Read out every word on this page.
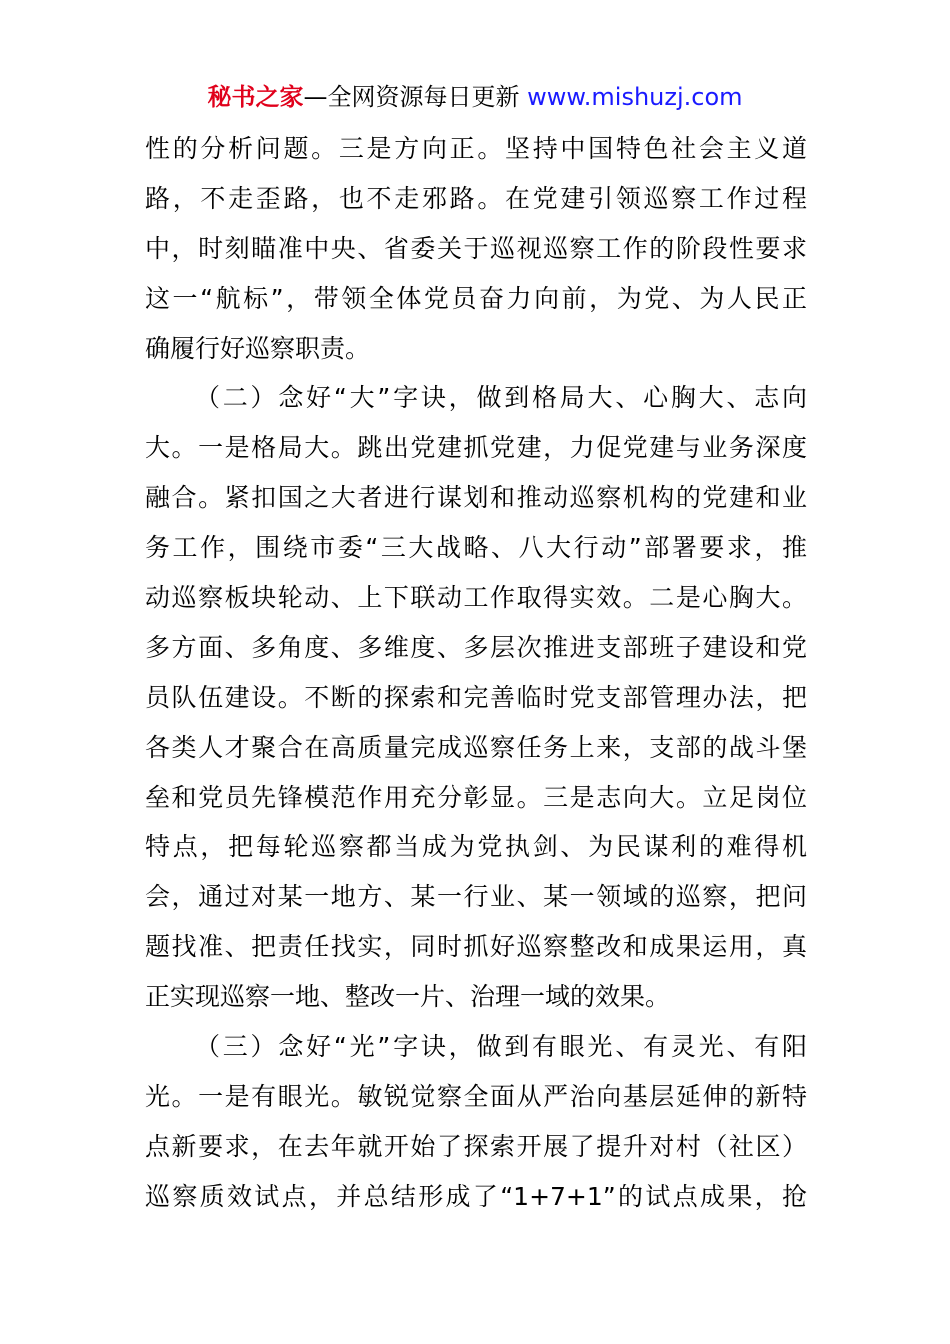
秘书之家—全网资源每日更新 www.mishuzj.com
性的分析问题。三是方向正。坚持中国特色社会主义道
路，不走歪路，也不走邪路。在党建引领巡察工作过程
中，时刻瞄准中央、省委关于巡视巡察工作的阶段性要求
这一“航标”，带领全体党员奋力向前，为党、为人民正
确履行好巡察职责。
（二）念好“大”字诀，做到格局大、心胸大、志向
大。一是格局大。跳出党建抓党建，力促党建与业务深度
融合。紧扣国之大者进行谋划和推动巡察机构的党建和业
务工作，围绕市委“三大战略、八大行动”部署要求，推
动巡察板块轮动、上下联动工作取得实效。二是心胸大。
多方面、多角度、多维度、多层次推进支部班子建设和党
员队伍建设。不断的探索和完善临时党支部管理办法，把
各类人才聚合在高质量完成巡察任务上来，支部的战斗堡
垒和党员先锋模范作用充分彰显。三是志向大。立足岗位
特点，把每轮巡察都当成为党执剑、为民谋利的难得机
会，通过对某一地方、某一行业、某一领域的巡察，把问
题找准、把责任找实，同时抓好巡察整改和成果运用，真
正实现巡察一地、整改一片、治理一域的效果。
（三）念好“光”字诀，做到有眼光、有灵光、有阳
光。一是有眼光。敏锐觉察全面从严治向基层延伸的新特
点新要求，在去年就开始了探索开展了提升对村（社区）
巡察质效试点，并总结形成了“1+7+1”的试点成果，抢
